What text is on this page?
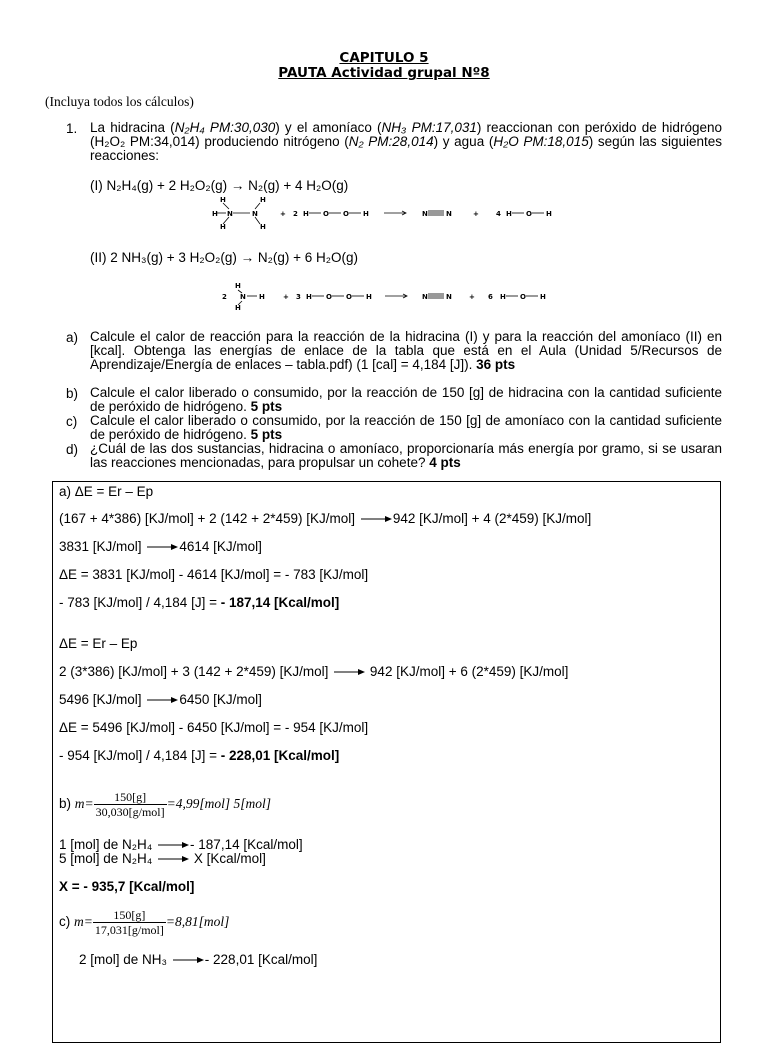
CAPITULO 5
PAUTA Actividad grupal Nº8
(Incluya todos los cálculos)
1. La hidracina (N₂H₄ PM:30,030) y el amoníaco (NH₃ PM:17,031) reaccionan con peróxido de hidrógeno (H₂O₂ PM:34,014) produciendo nitrógeno (N₂ PM:28,014) y agua (H₂O PM:18,015) según las siguientes reacciones:
(I) N₂H₄(g) + 2 H₂O₂(g) → N₂(g) + 4 H₂O(g)
H	H
H N	N
H	H
+ 2 H O O H	N	N	+ 4 H O H
(II) 2 NH₃(g) + 3 H₂O₂(g) → N₂(g) + 6 H₂O(g)
2
H
N H
H
+ 3 H O O H	N	N + 6 H O H
a) Calcule el calor de reacción para la reacción de la hidracina (I) y para la reacción del amoníaco (II) en [kcal]. Obtenga las energías de enlace de la tabla que está en el Aula (Unidad 5/Recursos de Aprendizaje/Energía de enlaces – tabla.pdf) (1 [cal] = 4,184 [J]). 36 pts
b) Calcule el calor liberado o consumido, por la reacción de 150 [g] de hidracina con la cantidad suficiente de peróxido de hidrógeno. 5 pts
c) Calcule el calor liberado o consumido, por la reacción de 150 [g] de amoníaco con la cantidad suficiente de peróxido de hidrógeno. 5 pts
d) ¿Cuál de las dos sustancias, hidracina o amoníaco, proporcionaría más energía por gramo, si se usaran las reacciones mencionadas, para propulsar un cohete? 4 pts
a) ΔE = Er – Ep
(167 + 4*386) [KJ/mol] + 2 (142 + 2*459) [KJ/mol]	942 [KJ/mol] + 4 (2*459) [KJ/mol]
3831 [KJ/mol]	4614 [KJ/mol]
ΔE = 3831 [KJ/mol] - 4614 [KJ/mol] = - 783 [KJ/mol]
- 783 [KJ/mol] / 4,184 [J] = - 187,14 [Kcal/mol]
ΔE = Er – Ep
2 (3*386) [KJ/mol] + 3 (142 + 2*459) [KJ/mol]	942 [KJ/mol] + 6 (2*459) [KJ/mol]
5496 [KJ/mol]	6450 [KJ/mol]
ΔE = 5496 [KJ/mol] - 6450 [KJ/mol] = - 954 [KJ/mol]
- 954 [KJ/mol] / 4,184 [J] = - 228,01 [Kcal/mol]
b) $m= \frac{150[g]}{\text{30,030[g/mol]}} =4,99[mol]$ 5[mol]
1 [mol] de N₂H₄	- 187,14 [Kcal/mol]
5 [mol] de N₂H₄	X [Kcal/mol]
X = - 935,7 [Kcal/mol]
c) $m= \frac{150[g]}{\text{17,031[g/mol]}} =8,81[mol]$
2 [mol] de NH₃	- 228,01 [Kcal/mol]
